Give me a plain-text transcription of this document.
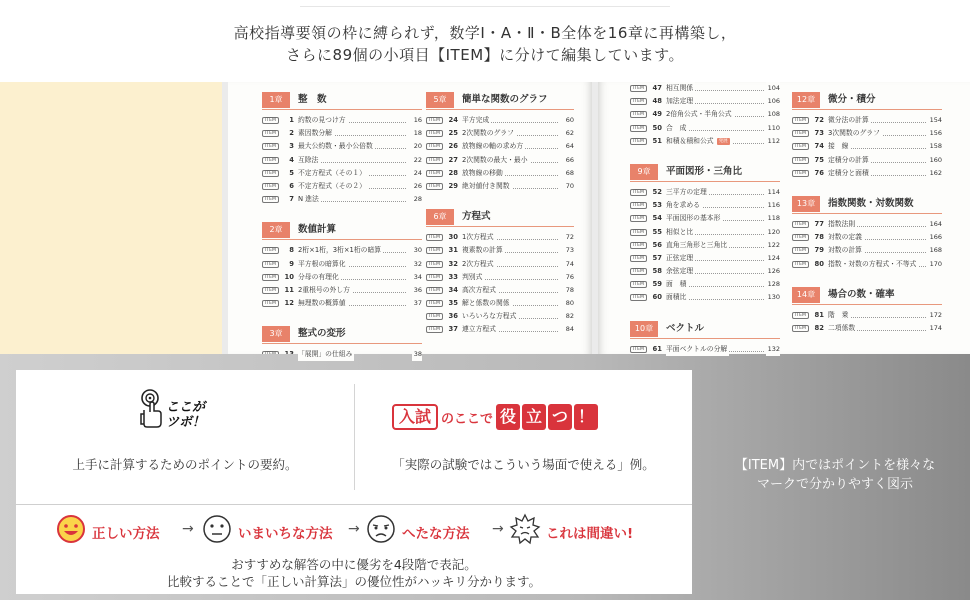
高校指導要領の枠に縛られず，数学Ⅰ・A・Ⅱ・B全体を16章に再構築し，
さらに89個の小項目【ITEM】に分けて編集しています。
1章	整　数
ITEM	1 約数の見つけ方	16
ITEM	2 素因数分解	18
ITEM	3 最大公約数・最小公倍数	20
ITEM	4 互除法	22
ITEM	5 不定方程式（その１）	24
ITEM	6 不定方程式（その２）	26
ITEM	7 N 進法	28
2章	数値計算
ITEM	8 2桁×1桁，3桁×1桁の暗算	30
ITEM	9 平方根の暗算化	32
ITEM	10 分母の有理化	34
ITEM	11 2重根号の外し方	36
ITEM	12 無理数の概算値	37
3章	整式の変形
「展開」の仕組み	38
5章	簡単な関数のグラフ
ITEM	24 平方完成	60
ITEM	25 2次関数のグラフ	62
ITEM	26 放物線の軸の求め方	64
ITEM	27 2次関数の最大・最小	66
ITEM	28 放物線の移動	68
ITEM	29 絶対値付き関数	70
6章	方程式
ITEM	30 1次方程式	72
ITEM	31 複素数の計算	73
ITEM	32 2次方程式	74
ITEM	33 判別式	76
ITEM	34 高次方程式	78
ITEM	35 解と係数の関係	80
ITEM	36 いろいろな方程式	82
ITEM	37 連立方程式	84
ITEM	47 相互関係	104
ITEM	48 加法定理	106
ITEM	49 2倍角公式・半角公式	108
ITEM	50 合　成	110
ITEM	51 和積＆積和公式 発展	112
9章	平面図形・三角比
ITEM	52 三平方の定理	114
ITEM	53 角を求める	116
ITEM	54 平面図形の基本形	118
ITEM	55 相似と比	120
ITEM	56 直角三角形と三角比	122
ITEM	57 正弦定理	124
ITEM	58 余弦定理	126
ITEM	59 面　積	128
ITEM	60 面積比	130
10章	ベクトル
ITEM	61 平面ベクトルの分解	132
12章	微分・積分
ITEM	72 微分法の計算	154
ITEM	73 3次関数のグラフ	156
ITEM	74 接　線	158
ITEM	75 定積分の計算	160
ITEM	76 定積分と面積	162
13章	指数関数・対数関数
ITEM	77 指数法則	164
ITEM	78 対数の定義	166
ITEM	79 対数の計算	168
ITEM	80 指数・対数の方程式・不等式	170
14章	場合の数・確率
ITEM	81 階　乗	172
ITEM	82 二項係数	174
ここが
ツボ！
上手に計算するためのポイントの要約。
入試 のここで 役 立 つ ！
「実際の試験ではこういう場面で使える」例。
正しい方法 →	いまいちな方法 →	へたな方法 →	これは間違い!
おすすめな解答の中に優劣を4段階で表記。
比較することで「正しい計算法」の優位性がハッキリ分かります。
【ITEM】内ではポイントを様々な
マークで分かりやすく図示
